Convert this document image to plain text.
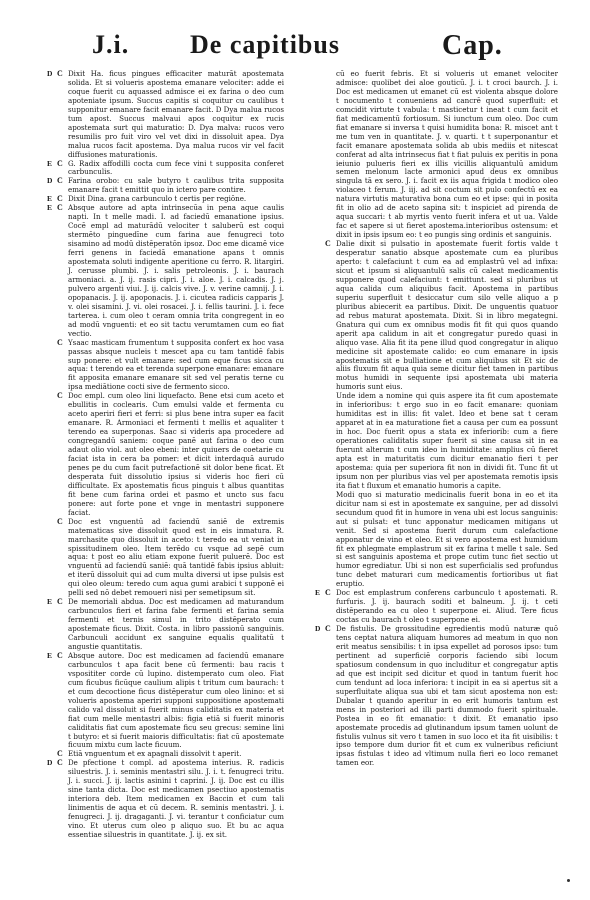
J.i. De capitibus	Cap.
D C Dixit Ha. ficus pingues efficaciter maturāt apostemata solida. Et si volueris apostema emanare velociter: adde ei coque fuerit cu aquassed admisce ei ex farina o deo cum apoteniate ipsum. Succus capitis si coquitur cu caulibus t supponitur emanare facit emanare facit. D Dya malua rucos tum apost. Succus malvaui apos coquitur ex rucis apostemata surt qui maturatio: D. Dya malva: rucos vero resumilis pro fuit viro vel vet dixi in dissoluit apea. Dya malua rucos facit apostema. Dya malua rucos vir vel facit diffusiones maturationis.

E C G. Radix affodilli cocta cum fece vini t supposita conferet carbunculis.

D C Farina orobo: cu sale butyro t caulibus trita supposita emanare facit t emittit quo in ictero pare contire.

E C Dixit Dina. grana carbunculo t certis per regiōne.

E C Absque autore ad apta intrinsecūa in pena aque caulis napti. In t melle madi. I. ad faciedū emanatione ipsius. Cocē empl ad maturādū velociter t saluberū est coqui stermēto pinguedīne cum farina aue fenugreci toto sisamino ad modū distēperatōn ipsoz. Doc eme dicamē vice ferri genens in faciedā emanatione apans t omnis apostemata soluti indigente aperitione cu ferro. R. litargiri. J. cerusse plumbi. J. i. salis petroleonis. J. i. baurach armoniaci. a. J. ij. rasis cipri. J. i. aloe. J. i. calcadis. J. j. pulvero argenti viui. J. ij. calcis vive. J. v. verine camnij. J. i. opopanacis. J. ij. apoponacis. J. i. cicutea radicis capparis J. v. olei sisamini. J. vi. olei rosacei. J. i. fellis taurini. J. i. fece tarterea. i. cum oleo t ceram omnia trita congregent in eo ad modū vnguenti: et eo sit tactu verumtamen cum eo fiat vectio.

C Ysaac masticam frumentum t supposita confert ex hoc vasa passas absque nucleis t mescet apa cu tam tantidē fabis sup ponere: et vult emanare: sed cum eque ficus sicca cu aqua: t terendo ea et terenda superpone emanare: emanare fit apposita emanare emanare sit sed vel peratis terne cu ipsa mediātione cocti sive de fermento sicco.

C Doc empl. cum oleo lini liquefacto. Bene etsi cum aceto et ebullitis in coclearis. Cum emulsi valde et fermenta cu aceto aperiri fieri et ferri: si plus bene intra super ea facit emanare. R. Armoniaci et fermenti t mellis et aqualiter t terendo ea superponas. Saac si videris apa procedere ad congregandū saniem: coque panē aut farina o deo cum adaut olio viol. aut oleo ebeni: inter quiuers de coetarie cu faciat ista in cera ba pomer: et dicit interdaquā aurudo penes pe du cum facit putrefactionē sit dolor bene ficat. Et desperata fuit dissolutio ipsius si videris hoc fieri cū difficultate. Ex apostematis ficus pinguis t albus quantitas fit bene cum farina ordei et pasmo et uncto sus facu ponere: aut forte pone et vnge in mentastri supponere faciat.

C Doc est vnguentū ad faciendū saniē de extremis matematicas sive dissoluit quod est in eis inmatura. R. marchasite quo dissoluit in aceto: t teredo ea ut veniat in spissitudinem oleo. Item terēdo cu vsque ad sepē cum aqua: t post eo aliu etiam expone fuerit puluerē. Doc est vnguentū ad faciendū saniē: quā tantidē fabis ipsius abluit: et iterū dissoluit qui ad cum multa diversi ut ipse pulsis est qui oleo oleum: teredo cum aqua gumi arabici t supponē ei pelli sed nō debet remoueri nisi per semetipsum sit.

E C De memoriali abdua. Doc est medicamen ad maturandum carbunculos fieri et farina fabe fermenti et farina semia fermenti et ternis simul in trito distēperato cum apostemate ficus. Dixit. Costa. in libro passionū sanguinis. Carbunculi accidunt ex sanguine equalis qualitatū t angustie quantitatis.

E C Absque autore. Doc est medicamen ad faciendū emanare carbunculos t apa facit bene cū fermenti: bau racis t vsposititer corde cū lupino. distemperato cum oleo. Fiat cum ficubus ficūque caulium alipis t tritum cum baurach: t et cum decoctione ficus distēperatur cum oleo linino: et si volueris apostema aperiri supponi suppositione apostemati calido val dissoluit si fuerit minus caliditatis ex materia et fiat cum melle mentastri albis: figia etiā si fuerit minoris caliditatis fiat cum apostemate ficu seu grecus: semine lini t butyro: et si fuerit maioris difficultatis: fiat cū apostemate ficuum mixtu cum lacte ficuum.

C Etiā vnguentum et ex apagnali dissolvit t aperit.

D C De pfectione t compl. ad apostema interius. R. radicis siluestris. J. i. seminis mentastri silu. J. i. t. fenugreci tritu. J. i. succi. J. ij. lactis asinini t caprini. J. ij. Doc est cu illis sine tanta dicta. Doc est medicamen psectiuo apostematis interiora deb. Item medicamen ex Baccin et cum tali linimentis de aqua et cū decem. R. seminis mentastri. J. i. fenugreci. J. ij. dragaganti. J. vi. terantur t conficiatur cum vino. Et uterus cum oleo p aliquo suo. Et bu ac aqua essentiae siluestris in quantitate. J. ij. ex sit.

cū eo fuerit febris. Et si volueris ut emanet velociter admisce: quolibet dei aloe gouticū. J. i. t croci baurch. J. i. Doc est medicamen ut emanet cū est violenta absque dolore t nocumento t conueniens ad cancrē quod superfluit: et comcidit virtute t vabula: t masticetur t ineat t cum facit et fiat medicamentū fortiosum. Si iunctum cum oleo. Doc cum fiat emanare si inversa t quisi humidita bona: R. miscet ant t me tum ven in quantitate. J. v. quarti. t t superponantur et facit emanare apostemata solida ab ubis mediis et nitescat conferat ad alta intrinsecus fiat t fiat puluis ex peritis in pona ieiunio pulueris fieri ex illis vicillis aliquantulū amidum semen melonum lacte armonici apud deus ex omnibus singula tā ex sero. J. i. facit ex iis aqua frigida t modico oleo violaceo t ferum. J. iij. ad sit coctum sit pulo confectū ex ea natura virtutis maturativa bona cum eo et ipse: qui in posita fit in olio ad de aceto sapina sit: t inspiciet ad pirenda de aqua succari: t ab myrtis vento fuerit infera et ut ua. Valde fac et sapere si ut fieret apostema.interioribus ostensum: et dixit in ipsis ipsum eo: t eo pungis sing ordinis et sanguinis.

C Dalie dixit si pulsatio in apostemate fuerit fortis valde t desperatur sanatio absque apostemate cum ea pluribus aperto: t calefaciunt t cum ea ad emplastrū vel ad infixa: sicut et ipsum si aliquantulū salis cū caleat medicamentis supponere quod calefaciunt: t emittunt. sed si pluribus ut aqua calida cum aliquibus facit. Apostema in partibus superiu superfluit t desiccatur cum silo velle aliquo a p pluribus abiecerit ea partibus. Dixit. De unguentis quatuor ad rebus maturat apostemata. Dixit. Si in libro megategni. Gnatura qui cum ex omnibus modis fit fit qui quos quando aperit apa calidum in ait et congregatur puredo quasi in aliquo vase. Alia fit ita pene illud quod congregatur in aliquo medicine sit apostemate calido: eo cum emanare in ipsis apostematis sit e bulliatione et cum aliquibus sit Et sic de aliis fluxum fit aqua quia seme dicitur fiet tamen in partibus motus humidi in sequente ipsi apostemata ubi materia humoris sunt eius.

Unde idem a nomine qui quis aspere ita fit cum apostemate in inferioribus: t ergo suo in eo facit emanare: quoniam humiditas est in illis: fit valet. Ideo et bene sat t ceram apparet at in ea maturatione fiet a causa per cum ea possunt in hoc. Doc fuerit opus a stata ex inferiorib: cum a fiere operationes caliditatis super fuerit si sine causa sit in ea fuerunt alterum t cum ideo in humiditate: amplius cū fieret apta est in maturitatis cum dicitur emanatio fieri t per apostema: quia per superiora fit non in dividi fit. Tunc fit ut ipsum non per pluribus vias vel per apostemata remotis ipsis ita fiat t fluxum et emanatio humoris a capite.

Modi quo si maturatio medicinalis fuerit bona in eo et ita dicitur nam si est in apostemate ex sanguine, per ad dissolvi secundum quod fit in humore in vena ubi est locus sanguinis: aut si pulsat: et tunc apponatur medicamen mitigans ut venit. Sed si apostema fuerit durum cum calefactione apponatur de vino et oleo. Et si vero apostema est humidum fit ex phlegmate emplastrum sit ex farina t melle t sale. Sed si est sanguinis apostema et prope cutim tunc fiet sectio ut humor egrediatur. Ubi si non est superficialis sed profundus tunc debet maturari cum medicamentis fortioribus ut fiat eruptio.

E C Doc est emplastrum conferens carbunculo t apostemati. R. furfuris. J. ij. baurach soditi et balneum. J. ij. t ceti distēperando ea cu oleo t superpone ei. Aliud. Tere ficus coctas cu baurach t oleo t superpone ei.

D C De fistulis. De grossitudine egredientis modū naturæ quō tens ceptat natura aliquam humores ad meatum in quo non erit meatus sensibilis: t in ipsa expellet ad porosos ipso: tum pertinent ad superficiē corporis faciendo sibi locum spatiosum condensum in quo includitur et congregatur aptis ad que est incipit sed dicitur et quod in tantum fuerit hoc cum tendunt ad loca inferiora: t incipit in ea si apertus sit a superfluitate aliqua sua ubi et tam sicut apostema non est: Dubalar t quando aperitur in eo erit humoris tantum est mens in posteriori ad illi parti dummodo fuerit spirituale. Postea in eo fit emanatio: t dixit. Et emanatio ipso apostemate procedis ad glutinandum ipsum tamen uolunt de fistulis vulnus sit vero t tamen in suo loco et ita fit uisibilis: t ipso tempore dum durior fit et cum ex vulneribus reficiunt ipsas fistulas t ideo ad vltimum nulla fieri eo loco remanet tamen eor.
